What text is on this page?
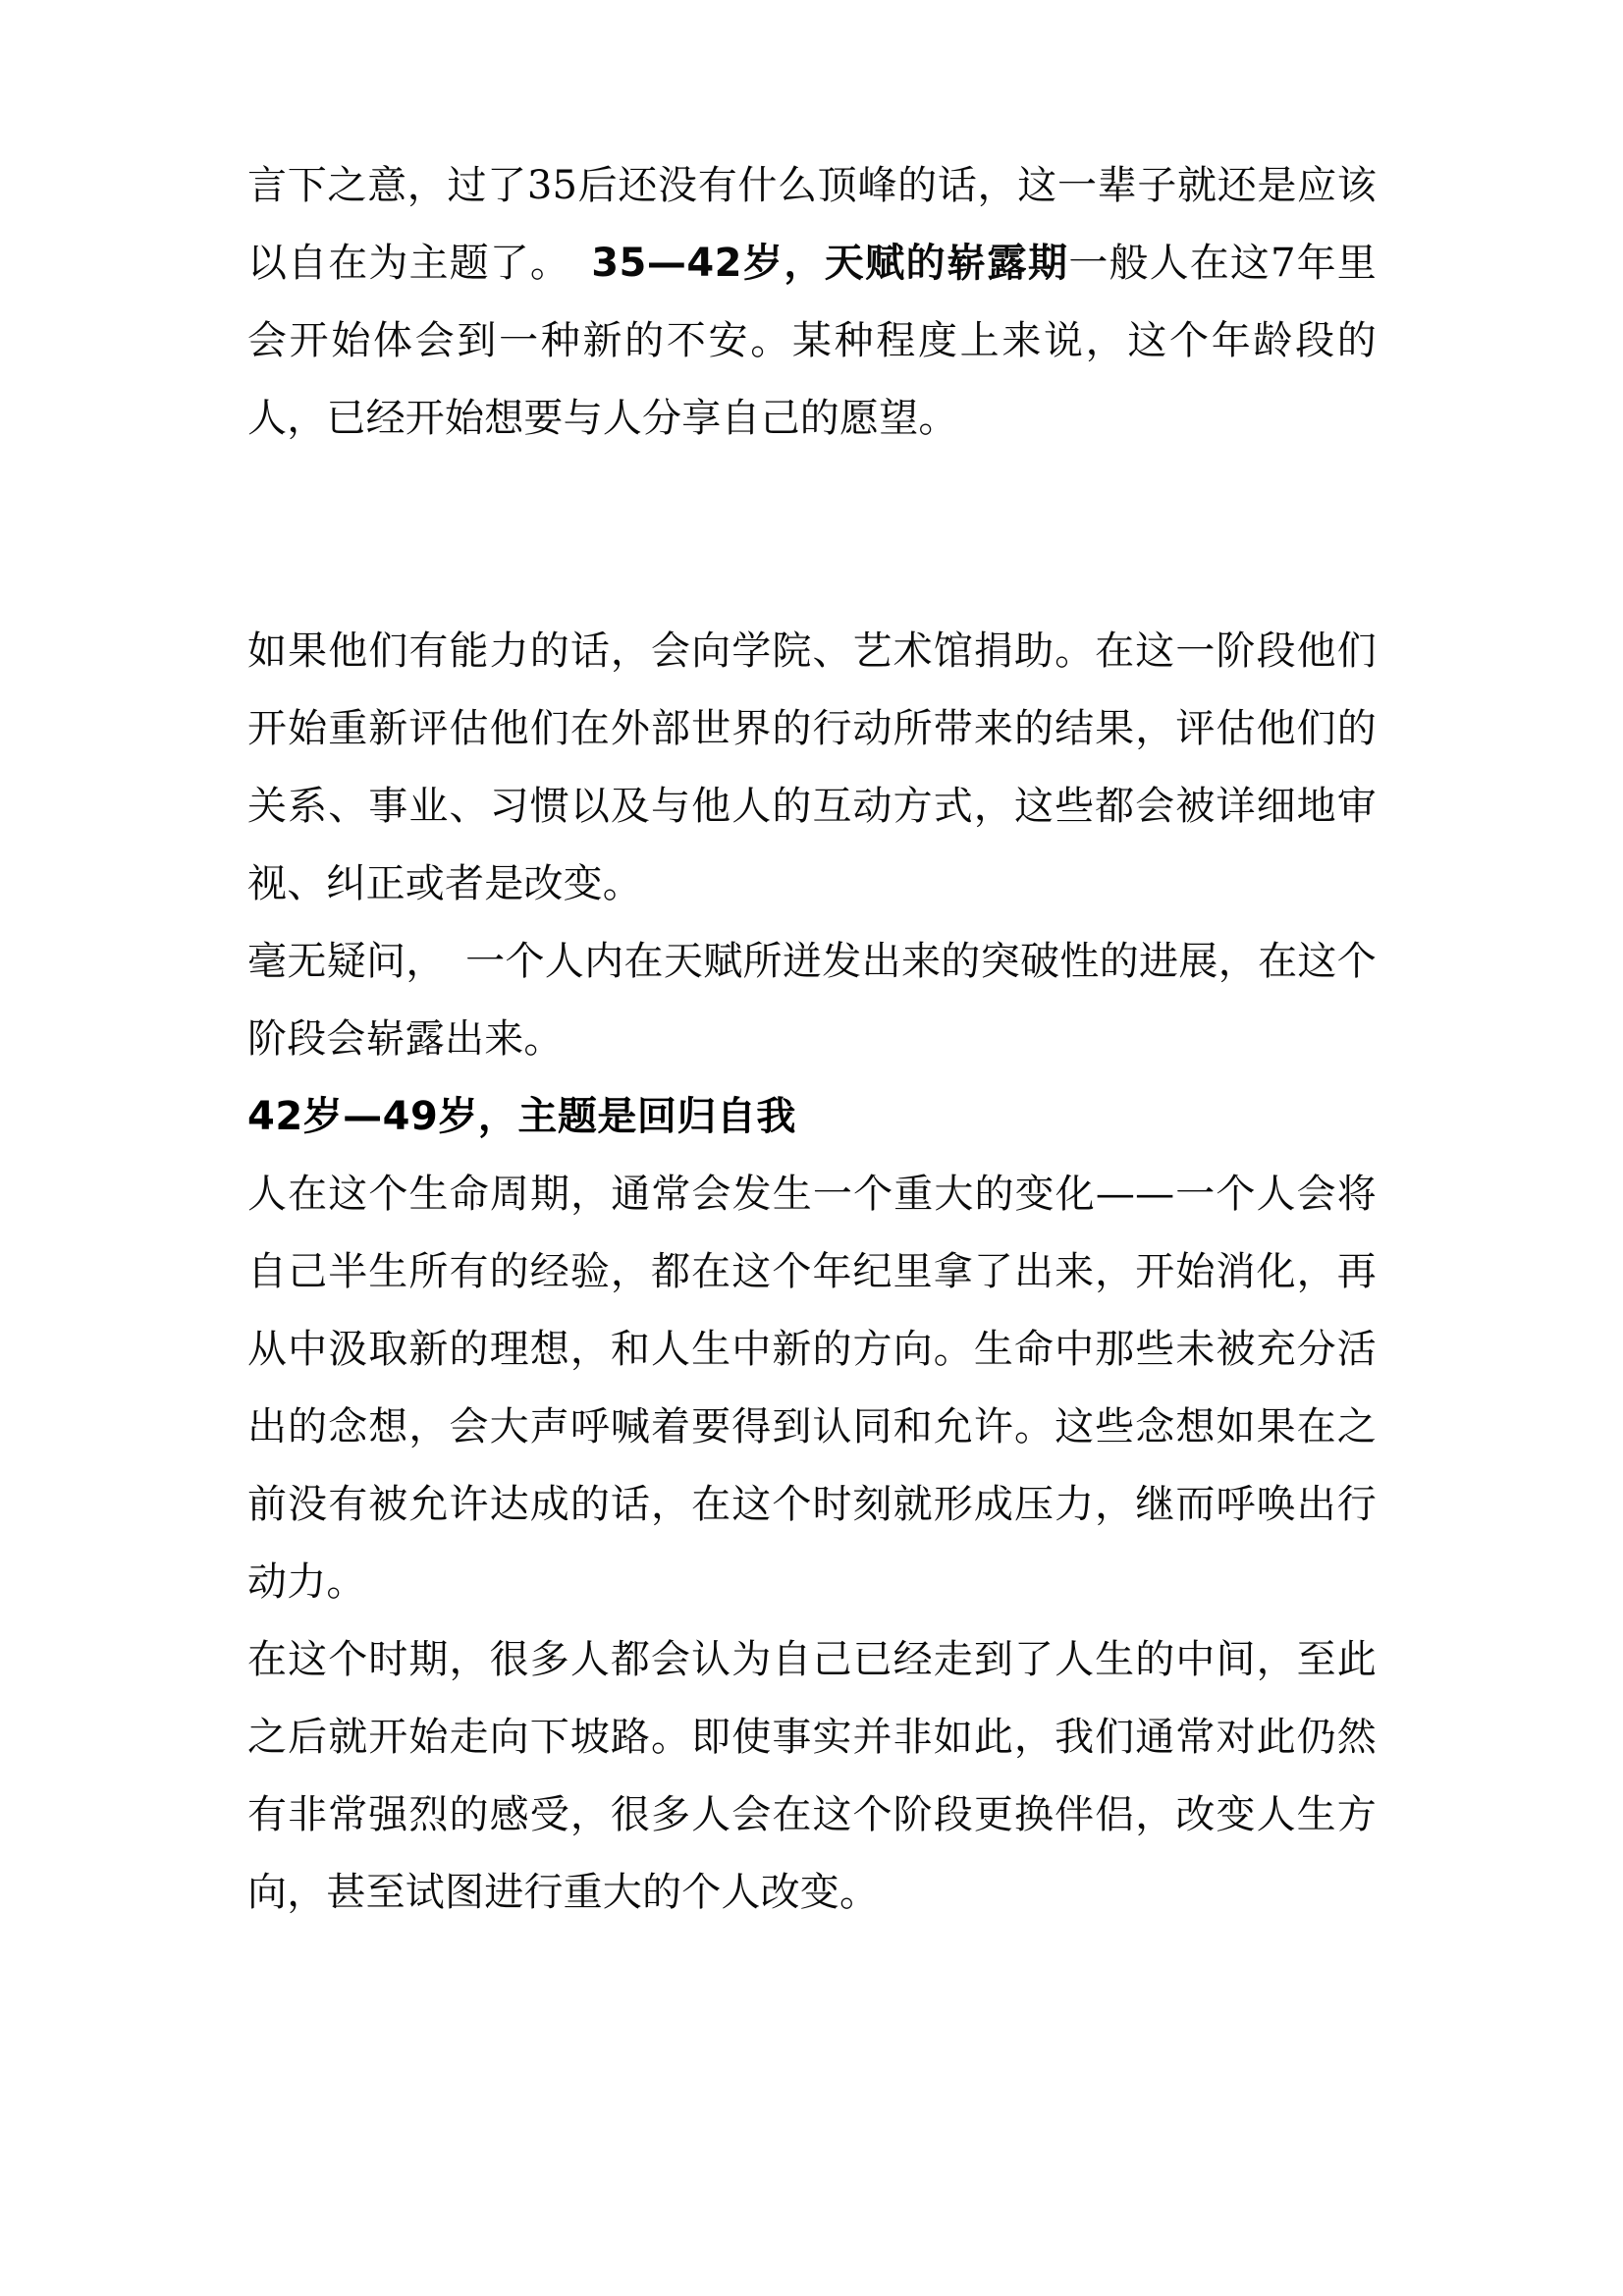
言下之意，过了35后还没有什么顶峰的话，这一辈子就还是应该以自在为主题了。　35—42岁，天赋的崭露期一般人在这7年里会开始体会到一种新的不安。某种程度上来说，这个年龄段的人，已经开始想要与人分享自己的愿望。

如果他们有能力的话，会向学院、艺术馆捐助。在这一阶段他们开始重新评估他们在外部世界的行动所带来的结果，评估他们的关系、事业、习惯以及与他人的互动方式，这些都会被详细地审视、纠正或者是改变。

毫无疑问，　一个人内在天赋所迸发出来的突破性的进展，在这个阶段会崭露出来。

42岁—49岁，主题是回归自我

人在这个生命周期，通常会发生一个重大的变化——一个人会将自己半生所有的经验，都在这个年纪里拿了出来，开始消化，再从中汲取新的理想，和人生中新的方向。生命中那些未被充分活出的念想，会大声呼喊着要得到认同和允许。这些念想如果在之前没有被允许达成的话，在这个时刻就形成压力，继而呼唤出行动力。

在这个时期，很多人都会认为自己已经走到了人生的中间，至此之后就开始走向下坡路。即使事实并非如此，我们通常对此仍然有非常强烈的感受，很多人会在这个阶段更换伴侣，改变人生方向，甚至试图进行重大的个人改变。
